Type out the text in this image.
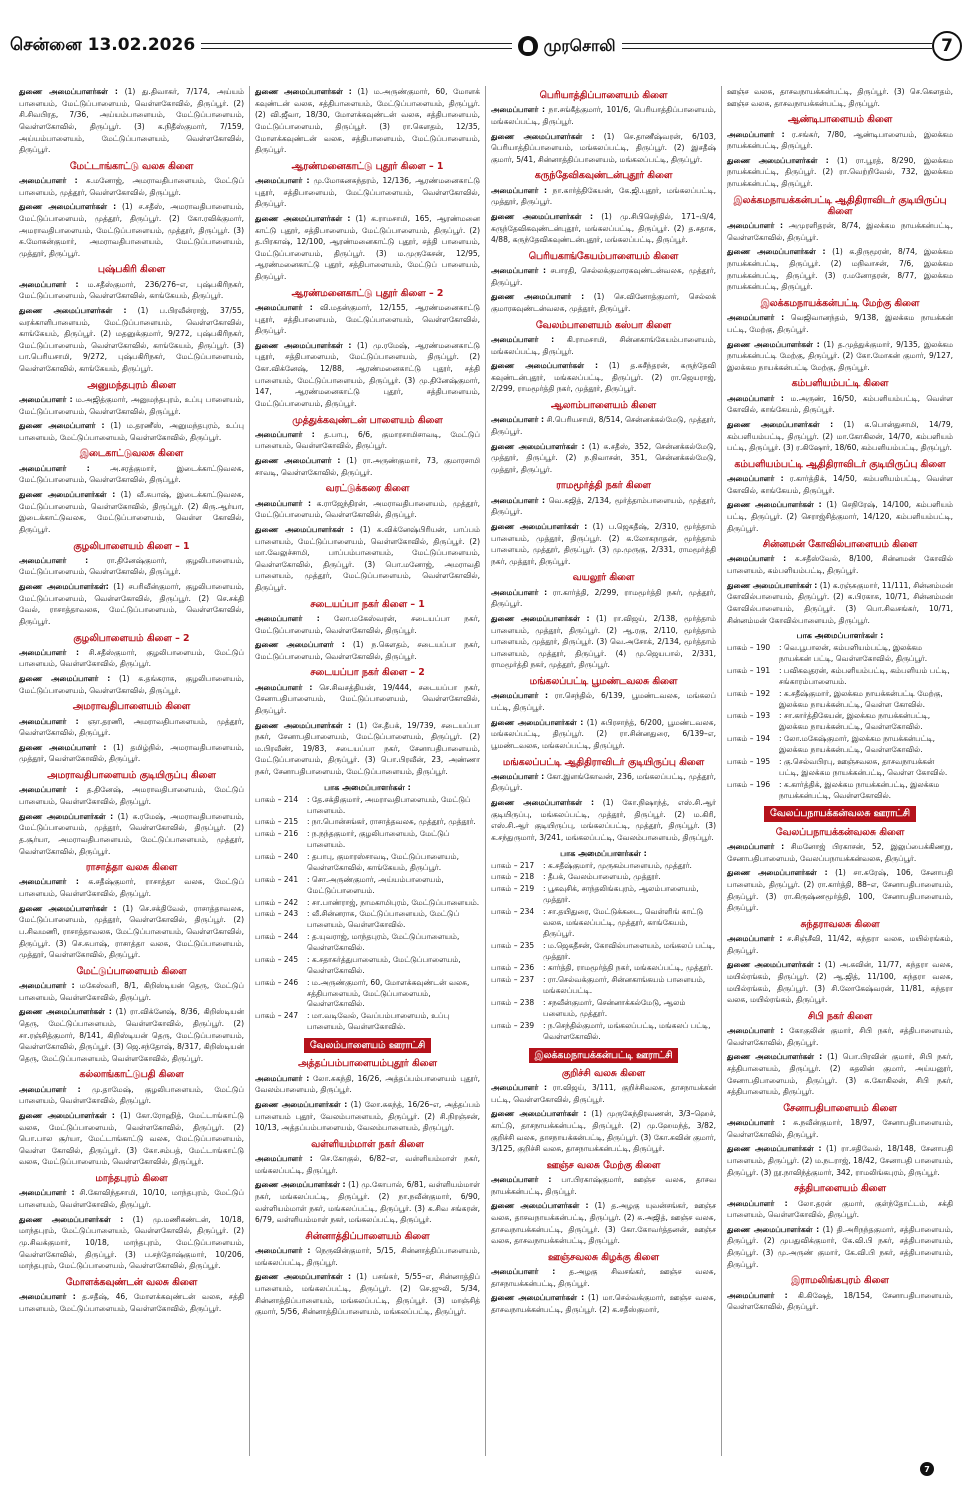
சென்னை 13.02.2026	முரசொலி	7

துணை அமைப்பாளர்கள் : (1) து.திவாகர், 7/174, அய்யம் பாளையம், மேட்டுப்பாளையம், வெள்ளகோவில், திருப்பூர். (2) சி.சிவபிரத, 7/36, அய்யம்பாளையம், மேட்டுப்பாளையம், வெள்ளகோவில், திருப்பூர். (3) க.நிதீஸ்குமார், 7/159, அய்யம்பாளையம், மேட்டுப்பாளையம், வெள்ளகோவில், திருப்பூர்.

மேட்டாங்காட்டு வலசு கிளை

அமைப்பாளர் : சு.மனோஜ், அமராவதிபாளையம், மேட்டுப் பாளையம், முத்தூர், வெள்ளகோவில், திருப்பூர்.

துணை அமைப்பாளர்கள் : (1) ச.சதீஸ், அமராவதிபாளையம், மேட்டுப்பாளையம், முத்தூர், திருப்பூர். (2) கோ.ரவிக்குமார், அமராவதிபாளையம், மேட்டுப்பாளையம், முத்தூர், திருப்பூர். (3) சு.மோகன்குமார், அமராவதிபாளையம், மேட்டுப்பாளையம், முத்தூர், திருப்பூர்.

புஷ்பகிரி கிளை

அமைப்பாளர் : ம.சதீஸ்குமார், 236/276–எ, புஷ்பகிரிநகர், மேட்டுப்பாளையம், வெள்ளகோவில், காங்கேயம், திருப்பூர்.

துணை அமைப்பாளர்கள் : (1) ப.பிரவீன்ராஜ், 37/55, வரக்காளிபாளையம், மேட்டுப்பாளையம், வெள்ளகோவில், காங்கேயம், திருப்பூர். (2) மதனுக்குமார், 9/272, புஷ்பகிரிநகர், மேட்டுப்பாளையம், வெள்ளகோவில், காங்கேயம், திருப்பூர். (3) பா.பெரியசாமி, 9/272, புஷ்பகிரிநகர், மேட்டுப்பாளையம், வெள்ளகோவில், காங்கேயம், திருப்பூர்.

அனுமந்தபுரம் கிளை

அமைப்பாளர் : ம.அஜித்குமார், அனுமந்தபுரம், உப்பு பாளையம், மேட்டுப்பாளையம், வெள்ளகோவில், திருப்பூர்.

துணை அமைப்பாளர் : (1) ம.தரணீஸ், அனுமந்தபுரம், உப்பு பாளையம், மேட்டுப்பாளையம், வெள்ளகோவில், திருப்பூர்.

இடைகாட்டுவலசு கிளை

அமைப்பாளர் :	அ.சரத்குமார், இடைக்காட்டுவலசு, மேட்டுப்பாளையம், வெள்ளகோவில், திருப்பூர்.

துணை அமைப்பாளர்கள் : (1) வீ.சுபாஷ், இடைக்காட்டுவலசு, மேட்டுப்பாளையம், வெள்ளகோவில், திருப்பூர். (2) கிரு.ஆர்யா, இடைக்காட்டுவலசு, மேட்டுப்பாளையம், வெள்ள கோவில், திருப்பூர்.

குழலிபாளையம் கிளை – 1

அமைப்பாளர் : ரா.தினேஷ்குமார், குழலிபாளையம், மேட்டுப்பாளையம், வெள்ளகோவில், திருப்பூர்.

துணை அமைப்பாளர்கள்: (1) சபரிவீன்குமார், குழலிபாளையம், மேட்டுப்பாளையம், வெள்ளகோவில், திருப்பூர். (2) செ.சக்தி வேல், ராசாத்தாவலசு, மேட்டுப்பாளையம், வெள்ளகோவில், திருப்பூர்.

குழலிபாளையம் கிளை – 2

அமைப்பாளர் : சி.சதீஸ்குமார், குழலிபாளையம், மேட்டுப் பாளையம், வெள்ளகோவில், திருப்பூர்.

துணை அமைப்பாளர் : (1) க.தங்கராசு, குழலிபாளையம், மேட்டுப்பாளையம், வெள்ளகோவில், திருப்பூர்.

அமராவதிபாளையம் கிளை

அமைப்பாளர் : ஞா.தரணி, அமராவதிபாளையம், முத்தூர், வெள்ளகோவில், திருப்பூர்.

துணை அமைப்பாளர் : (1) தமிழ்நில், அமராவதிபாளையம், முத்தூர், வெள்ளகோவில், திருப்பூர்.

அமராவதிபாளையம் குடியிருப்பு கிளை

அமைப்பாளர் : த.தினேஷ், அமராவதிபாளையம், மேட்டுப் பாளையம், வெள்ளகோவில், திருப்பூர்.

துணை அமைப்பாளர்கள் : (1) சு.ரமேஷ், அமராவதிபாளையம், மேட்டுப்பாளையம், முத்தூர், வெள்ளகோவில், திருப்பூர். (2) த.சூர்யா, அமராவதிபாளையம், மேட்டுப்பாளையம், முத்தூர், வெள்ளகோவில், திருப்பூர்.

ராசாத்தா வலசு கிளை

அமைப்பாளர் : க.சதீஷ்குமார், ராசாத்தா வலசு, மேட்டுப் பாளையம், வெள்ளகோவில், திருப்பூர்.

துணை அமைப்பாளர்கள் : (1) செ.சக்திவேல், ராசாத்தாவலசு, மேட்டுப்பாளையம், முத்தூர், வெள்ளகோவில், திருப்பூர். (2) ப.சிவமணி, ராசாத்தாவலசு, மேட்டுப்பாளையம், வெள்ளகோவில், திருப்பூர். (3) செ.சுபாஷ், ராசாத்தா வலசு, மேட்டுப்பாளையம், முத்தூர், வெள்ளகோவில், திருப்பூர்.

மேட்டுப்பாளையம் கிளை

அமைப்பாளர் : மகேஸ்வரி, 8/1, கிறிஸ்டியன் தெரு, மேட்டுப் பாளையம், வெள்ளகோவில், திருப்பூர்.

துணை அமைப்பாளர்கள் : (1) ரா.விக்னேஷ், 8/36, கிறிஸ்டியன் தெரு, மேட்டுப்பாளையம், வெள்ளகோவில், திருப்பூர். (2) சா.ரஞ்சித்குமார், 8/141, கிறிஸ்டியன் தெரு, மேட்டுப்பாளையம், வெள்ளகோவில், திருப்பூர். (3) ஜெ.சந்தோஷ், 8/317, கிறிஸ்டியன் தெரு, மேட்டுப்பாளையம், வெள்ளகோவில், திருப்பூர்.

கல்லாங்காட்டுபதி கிளை

அமைப்பாளர் : மு.தாமேஷ், குழலிபாளையம், மேட்டுப் பாளையம், வெள்ளகோவில், திருப்பூர்.

துணை அமைப்பாளர்கள் : (1) கோ.ரோஹித், மேட்டாங்காட்டு வலசு, மேட்டுப்பாளையம், வெள்ளகோவில், திருப்பூர். (2) பொ.பால சூர்யா, மேட்டாங்காட்டு வலசு, மேட்டுப்பாளையம், வெள்ள கோவில், திருப்பூர். (3) கோ.சம்பத், மேட்டாங்காட்டு வலசு, மேட்டுப்பாளையம், வெள்ளகோவில், திருப்பூர்.

மாந்தபுரம் கிளை

அமைப்பாளர் : சி.கோவிந்தசாமி, 10/10, மாந்தபுரம், மேட்டுப் பாளையம், வெள்ளகோவில், திருப்பூர்.

துணை அமைப்பாளர்கள் : (1) மு.மணிகண்டன், 10/18, மாந்தபுரம், மேட்டுப்பாளையம், வெள்ளகோவில், திருப்பூர். (2) மு.சிவக்குமார், 10/18, மாந்தபுரம், மேட்டுப்பாளையம், வெள்ளகோவில், திருப்பூர். (3) ப.சந்தோஷ்குமார், 10/206, மாந்தபுரம், மேட்டுப்பாளையம், வெள்ளகோவில், திருப்பூர்.

மோளக்கவுண்டன் வலசு கிளை

அமைப்பாளர் : த.சதீஷ், 46, மோளக்கவுண்டன் வலசு, சத்தி பாளையம், மேட்டுப்பாளையம், வெள்ளகோவில், திருப்பூர்.

துணை அமைப்பாளர்கள் : (1) ம.அருண்குமார், 60, மோளக் கவுண்டன் வலசு, சத்திபாளையம், மேட்டுப்பாளையம், திருப்பூர். (2) வி.ஜீவா, 18/30, மோளக்கவுண்டன் வலசு, சத்திபாளையம், மேட்டுப்பாளையம், திருப்பூர். (3) ரா.கௌதம், 12/35, மோளக்கவுண்டன் வலசு, சத்திபாளையம், மேட்டுப்பாளையம், திருப்பூர்.

ஆரண்மனைகாட்டு புதூர் கிளை – 1

அமைப்பாளர் : மு.மோகனசுந்தரம், 12/136, ஆரண்மனைகாட்டு புதூர், சத்திபாளையம், மேட்டுப்பாளையம், வெள்ளகோவில், திருப்பூர்.

துணை அமைப்பாளர்கள் : (1) க.ராமசாமி, 165, ஆரண்மனை காட்டு புதூர், சத்திபாளையம், மேட்டுப்பாளையம், திருப்பூர். (2) த.பிரகாஷ், 12/100, ஆரண்மனைகாட்டு புதூர், சத்தி பாளையம், மேட்டுப்பாளையம், திருப்பூர். (3) ம.முருகேசன், 12/95, ஆரண்மனைகாட்டு புதூர், சத்திபாளையம், மேட்டுப் பாளையம், திருப்பூர்.

ஆரண்மனைகாட்டு புதூர் கிளை – 2

அமைப்பாளர் : வி.மதன்குமார், 12/155, ஆரண்மனைகாட்டு புதூர், சத்திபாளையம், மேட்டுப்பாளையம், வெள்ளகோவில், திருப்பூர்.

துணை அமைப்பாளர்கள் : (1) மு.ரமேஷ், ஆரண்மனைகாட்டு புதூர், சத்திபாளையம், மேட்டுப்பாளையம், திருப்பூர். (2) கோ.விக்னேஷ், 12/88, ஆரண்மனைகாட்டு புதூர், சத்தி பாளையம், மேட்டுப்பாளையம், திருப்பூர். (3) மு.தினேஷ்குமார், 147, ஆரண்மனைகாட்டு புதூர், சத்திபாளையம், மேட்டுப்பாளையம், திருப்பூர்.

முத்துக்கவுண்டன் பாளையம் கிளை

அமைப்பாளர் : த.பாபு, 6/6, குமாரசாமிசாவடி, மேட்டுப் பாளையம், வெள்ளகோவில், திருப்பூர்.

துணை அமைப்பாளர் : (1) ரா.அருண்குமார், 73, குமாரசாமி சாவடி, வெள்ளகோவில், திருப்பூர்.

வரட்டுக்கரை கிளை

அமைப்பாளர் : க.ராஜேந்திரன், அமராவதிபாளையம், முத்தூர், மேட்டுப்பாளையம், வெள்ளகோவில், திருப்பூர்.

துணை அமைப்பாளர்கள் : (1) சு.விக்னேஷ்பிரியன், பாப்பம் பாளையம், மேட்டுப்பாளையம், வெள்ளகோவில், திருப்பூர். (2) மா.வேலுச்சாமி, பாப்பம்பாளையம், மேட்டுப்பாளையம், வெள்ளகோவில், திருப்பூர். (3) பொ.மனோஜ், அமராவதி பாளையம், முத்தூர், மேட்டுப்பாளையம், வெள்ளகோவில், திருப்பூர்.

சடையப்பா நகர் கிளை – 1

அமைப்பாளர் : லோ.மகேஸ்வரன், சடையப்பா நகர், மேட்டுப்பாளையம், வெள்ளகோவில், திருப்பூர்.

துணை அமைப்பாளர் : (1) ந.கௌதம், சடையப்பா நகர், மேட்டுப்பாளையம், வெள்ளகோவில், திருப்பூர்.

சடையப்பா நகர் கிளை – 2

அமைப்பாளர் : செ.சிவசத்தியன், 19/444, சடையப்பா நகர், சேனாபதிபாளையம், மேட்டுப்பாளையம், வெள்ளகோவில், திருப்பூர்.

துணை அமைப்பாளர்கள் : (1) சே.தீபக், 19/739, சடையப்பா நகர், சேனாபதிபாளையம், மேட்டுப்பாளையம், திருப்பூர். (2) ம.பிரவீண், 19/83, சடையப்பா நகர், சேனாபதிபாளையம், மேட்டுப்பாளையம், திருப்பூர். (3) பொ.பிரவீன், 23, அண்ணா நகர், சேனாபதிபாளையம், மேட்டுப்பாளையம், திருப்பூர்.

பாக அமைப்பாளர்கள் :
பாகம் – 214	: தே.சக்திகுமார், அமராவதிபாளையம், மேட்டுப் பாளையம்.
பாகம் – 215	: நா.பொன்சங்கர், ராசாத்தவலசு, முத்தூர், முத்தூர்.
பாகம் – 216	: ந.நந்தகுமார், குழலிபாளையம், மேட்டுப் பாளையம்.
பாகம் – 240	: தபாபு, குமாரஸ்சாவடி, மேட்டுப்பாளையம், வெள்ளகோவில், காங்கேயம், திருப்பூர்.
பாகம் – 241	: சொ.அருண்குமார், அய்யம்பாளையம், மேட்டுப்பாளையம்.
பாகம் – 242	: சா.பாண்ராஜ், நாமகாமிபுரம், மேட்டுப்பாளையம்.
பாகம் – 243	: வீ.சின்னராசு, மேட்டுப்பாளையம், மேட்டுப் பாளையம், வெள்ளகோவில்.
பாகம் – 244	: த.யுவராஜ், மாந்தபுரம், மேட்டுப்பாளையம், வெள்ளகோவில்.
பாகம் – 245	: க.சதாசுர்த்துபாளையம், மேட்டுப்பாளையம், வெள்ளகோவில்.
பாகம் – 246	: ம.அருண்குமார், 60, மோளக்கவுண்டன் வலசு, சத்திபாளையம், மேட்டுப்பாளையம், வெள்ளகோவில்.
பாகம் – 247	: மா.வடிவேல், வேப்பம்பாளையம், உப்பு பாளையம், வெள்ளகோவில்.
வேலம்பாளையம் ஊராட்சி
அத்தப்பம்பாளையம்புதூர் கிளை

அமைப்பாளர் : லோ.சுகந்தி, 16/26, அத்தப்பம்பாளையம் புதூர், வேலம்பாளையம், திருப்பூர்.

துணை அமைப்பாளர்கள் : (1) லோ.சுகந்த், 16/26–எ, அத்தப்பம் பாளையம் புதூர், வேலம்பாளையம், திருப்பூர். (2) சி.நிரஞ்சன், 10/13, அத்தப்பம்பாளையம், வேலம்பாளையம், திருப்பூர்.

வள்ளியம்மாள் நகர் கிளை

அமைப்பாளர் : செ.கோகுல், 6/82–எ, வள்ளியம்மாள் நகர், மங்கலப்பட்டி, திருப்பூர்.

துணை அமைப்பாளர்கள் : (1) மு.கோபால், 6/81, வள்ளியம்மாள் நகர், மங்கலப்பட்டி, திருப்பூர். (2) நா.நவீன்குமார், 6/90, வள்ளியம்மாள் நகர், மங்கலப்பட்டி, திருப்பூர். (3) க.சிவ சங்கரன், 6/79, வள்ளியம்மாள் நகர், மங்கலப்பட்டி, திருப்பூர்.

சின்னாத்திப்பாளையம் கிளை

அமைப்பாளர் : நெருவின்குமார், 5/15, சின்னாத்திப்பாளையம், மங்கலப்பட்டி, திருப்பூர்.

துணை அமைப்பாளர்கள் : (1) பசங்கர், 5/55–எ, சின்னாத்திப் பாளையம், மங்கலப்பட்டி, திருப்பூர். (2) செ.ஜுலி, 5/34, சின்னாத்திப்பாளையம், மங்கலப்பட்டி, திருப்பூர். (3) மாஞ்சித் குமார், 5/56, சின்னாத்திப்பாளையம், மங்கலப்பட்டி, திருப்பூர்.

பெரியாத்திப்பாளையம் கிளை

அமைப்பாளர் : நா.சங்கீத்குமார், 101/6, பெரியாத்திப்பாளையம், மங்கலப்பட்டி, திருப்பூர்.

துணை அமைப்பாளர்கள் : (1) செ.தாணீஷ்வரன், 6/103, பெரியாத்திப்பாளையம், மங்கலப்பட்டி, திருப்பூர். (2) இசதீஷ் குமார், 5/41, சின்னாத்திப்பாளையம், மங்கலப்பட்டி, திருப்பூர்.

கருந்தேவிகவுண்டன்புதூர் கிளை

அமைப்பாளர் : நா.கார்த்திகேயன், கே.ஜி.புதூர், மங்கலப்பட்டி, முத்தூர், திருப்பூர்.

துணை அமைப்பாளர்கள் : (1) மு.சிபிசெந்தில், 171–பி/4, கருந்தேவிகவுண்டன்புதூர், மங்கலப்பட்டி, திருப்பூர். (2) த.சதாசு, 4/88, கருந்தேவிகவுண்டன்புதூர், மங்கலப்பட்டி, திருப்பூர்.

பெரியகாங்கேயம்பாளையம் கிளை

அமைப்பாளர் : சபாரதி, செல்லக்குமாரகவுண்டன்வலசு, முத்தூர், திருப்பூர்.

துணை அமைப்பாளர் : (1) செ.வினோத்குமார், செல்லக் குமாரகவுண்டன்வலசு, முத்தூர், திருப்பூர்.

வேலம்பாளையம் கஸ்பா கிளை

அமைப்பாளர் : கி.ராமசாமி, சின்னகாங்கேயம்பாளையம், மங்கலப்பட்டி, திருப்பூர்.

துணை அமைப்பாளர்கள் : (1) த.சுசீந்தரன், கருந்தேவி கவுண்டன்புதூர், மங்கலப்பட்டி, திருப்பூர். (2) ரா.ஜெயராஜ், 2/299, ராமமூர்த்தி நகர், முத்தூர், திருப்பூர்.

ஆலாம்பாளையம் கிளை

அமைப்பாளர் : சி.பெரியசாமி, 8/514, சென்னக்கல்மேடு, முத்தூர், திருப்பூர்.

துணை அமைப்பாளர்கள் : (1) சு.சதீஸ், 352, சென்னக்கல்மேடு, முத்தூர், திருப்பூர். (2) ந.நிவாசன், 351, சென்னக்கல்மேடு, முத்தூர், திருப்பூர்.

ராமமூர்த்தி நகர் கிளை

அமைப்பாளர் : வெ.சுஜித், 2/134, மூர்த்தாம்பாளையம், முத்தூர், திருப்பூர்.

துணை அமைப்பாளர்கள் : (1) ப.ஜெகதீஷ், 2/310, மூர்த்தாம் பாளையம், முத்தூர், திருப்பூர். (2) க.லோகநாதன், மூர்த்தாம் பாளையம், முத்தூர், திருப்பூர். (3) மு.முருகு, 2/331, ராமமூர்த்தி நகர், முத்தூர், திருப்பூர்.

வயலூர் கிளை

அமைப்பாளர் : ரா.கார்த்தி, 2/299, ராமமூர்த்தி நகர், முத்தூர், திருப்பூர்.

துணை அமைப்பாளர்கள் : (1) ரா.விஜய், 2/138, மூர்த்தாம் பாளையம், முத்தூர், திருப்பூர். (2) ஆ.ரகு, 2/110, மூர்த்தாம் பாளையம், முத்தூர், திருப்பூர். (3) வெ.அசோக், 2/134, மூர்த்தாம் பாளையம், முத்தூர், திருப்பூர். (4) மு.ஜெயபால், 2/331, ராமமூர்த்தி நகர், முத்தூர், திருப்பூர்.

மங்கலப்பட்டி பூமண்டவலசு கிளை

அமைப்பாளர் : ரா.செந்தில், 6/139, பூமண்டவலசு, மங்கலப் பட்டி, திருப்பூர்.

துணை அமைப்பாளர்கள் : (1) சுபிரசாந்த், 6/200, பூமண்டவலசு, மங்கலப்பட்டி, திருப்பூர். (2) ரா.சின்னதுரை, 6/139–எ, பூமண்டவலசு, மங்கலப்பட்டி, திருப்பூர்.

மங்கலப்பட்டி ஆதிதிராவிடர் குடியிருப்பு கிளை

அமைப்பாளர் : கோ.இளங்கோவன், 236, மங்கலப்பட்டி, முத்தூர், திருப்பூர்.

துணை அமைப்பாளர்கள் : (1) கோ.நிஷாந்த், எஸ்.சி.ஆர் குடியிருப்பு, மங்கலப்பட்டி, முத்தூர், திருப்பூர். (2) ம.கிரி, எஸ்.சி.ஆர் குடியிருப்பு, மங்கலப்பட்டி, முத்தூர், திருப்பூர். (3) க.சந்துருமார், 3/241, மங்கலப்பட்டி, வேலம்பாளையம், திருப்பூர்.

பாக அமைப்பாளர்கள் :
பாகம் – 217	: க.சதீஷ்குமார், முருகம்பாளையம், முத்தூர்.
பாகம் – 218	: தீபக், வேலம்பாளையம், முத்தூர்.
பாகம் – 219	: பூகவுசிக், சாந்தலிங்கபுரம், ஆலம்பாளையம், முத்தூர்.
பாகம் – 234	: சா.தயிதுரை, மேட்டுக்கடை, வெள்ளிங் காட்டு வலசு, மங்கலப்பட்டி, முத்தூர், காங்கேயம், திருப்பூர்.
பாகம் – 235	: ம.ஜெகதீசன், கோவில்பாளையம், மங்கலப் பட்டி, முத்தூர்.
பாகம் – 236	: கார்த்தி, ராமமூர்த்தி நகர், மங்கலப்பட்டி, முத்தூர்.
பாகம் – 237	: ரா.செல்வக்குமார், சின்னகாங்கயம் பாளையம், மங்கலப்பட்டி.
பாகம் – 238	: சநவீன்குமார், சென்னாக்கல்மேடு, ஆலம் பளையம், முத்தூர்.
பாகம் – 239	: ந.செந்தில்குமார், மங்கலப்பட்டி, மங்கலப் பட்டி, வெள்ளகோவில்.
இலக்கமநாயக்கன்பட்டி ஊராட்சி
குறிச்சி வலசு கிளை

அமைப்பாளர் : ரா.விஜய், 3/111, குறிச்சிவலசு, தாசநாயக்கன் பட்டி, வெள்ளகோவில், திருப்பூர்.

துணை அமைப்பாளர்கள் : (1) முருகேந்திரவணன், 3/3–ஹெச், காட்டு, தாசநாயக்கன்பட்டி, திருப்பூர். (2) மு.ஹேமந்த், 3/82, குறிச்சி வலசு, தாசநாயக்கன்பட்டி, திருப்பூர். (3) கோ.சுவின் குமார், 3/125, குறிச்சி வலசு, தாசநாயக்கன்பட்டி, திருப்பூர்.

ஊஞ்ச வலசு மேற்கு கிளை

அமைப்பாளர் : பா.பிரகாஷ்குமார், ஊஞ்ச வலசு, தாசவ நாயக்கன்பட்டி, திருப்பூர்.

துணை அமைப்பாளர்கள் : (1) த.அழகு யுவன்சங்கர், ஊஞ்ச வலசு, தாசவநாயக்கன்பட்டி, திருப்பூர். (2) சு.அஜித், ஊஞ்ச வலசு, தாசவநாயக்கன்பட்டி, திருப்பூர். (3) கோ.கோவர்த்தனன், ஊஞ்ச வலசு, தாசவநாயக்கன்பட்டி, திருப்பூர்.

ஊஞ்சவலசு கிழக்கு கிளை

அமைப்பாளர் : த.அழகு சிவசங்கர், ஊஞ்ச வலசு, தாசநாயக்கன்பட்டி, திருப்பூர்.

துணை அமைப்பாளர்கள் : (1) மா.செல்வக்குமார், ஊஞ்ச வலசு, தாசவநாயக்கன்பட்டி, திருப்பூர். (2) க.சதீஸ்குமார்,

ஊஞ்ச வலசு, தாசவநாயக்கன்பட்டி, திருப்பூர். (3) செ.கௌதம், ஊஞ்ச வலசு, தாசவநாயக்கன்பட்டி, திருப்பூர்.

ஆண்டிபாளையம் கிளை

அமைப்பாளர் : ர.சங்கர், 7/80, ஆண்டிபாளையம், இலக்கம நாயக்கன்பட்டி, திருப்பூர்.

துணை அமைப்பாளர்கள் : (1) ரா.பூரத், 8/290, இலக்கம நாயக்கன்பட்டி, திருப்பூர். (2) ரா.வெற்றிவேல், 732, இலக்கம நாயக்கன்பட்டி, திருப்பூர்.

இலக்கமநாயக்கன்பட்டி ஆதிதிராவிடர் குடியிருப்பு கிளை

அமைப்பாளர் : அமுரளிதரன், 8/74, இலக்கம நாயக்கன்பட்டி, வெள்ளகோவில், திருப்பூர்.

துணை அமைப்பாளர்கள் : (1) க.திருமூரன், 8/74, இலக்கம நாயக்கன்பட்டி, திருப்பூர். (2) மநிவாசன், 7/6, இலக்கம நாயக்கன்பட்டி, திருப்பூர். (3) ர.மனோதரன், 8/77, இலக்கம நாயக்கன்பட்டி, திருப்பூர்.

இலக்கமநாயக்கன்பட்டி மேற்கு கிளை

அமைப்பாளர் : வெஜிவானந்தம், 9/138, இலக்கம நாயக்கன் பட்டி, மேற்கு, திருப்பூர்.

துணை அமைப்பாளர்கள் : (1) த.முத்துக்குமார், 9/135, இலக்கம நாயக்கன்பட்டி மேற்கு, திருப்பூர். (2) கோ.மோகன் குமார், 9/127, இலக்கம நாயக்கன்பட்டி மேற்கு, திருப்பூர்.

கம்பளியம்பட்டி கிளை

அமைப்பாளர் : ம.அருண், 16/50, கம்பளியம்பட்டி, வெள்ள கோவில், காங்கேயம், திருப்பூர்.

துணை அமைப்பாளர்கள் : (1) க.பொன்துசாமி, 14/79, கம்பளியம்பட்டி, திருப்பூர். (2) மா.கோகிலன், 14/70, கம்பளியம் பட்டி, திருப்பூர். (3) ர.கிஷோர், 18/60, கம்பளியம்பட்டி, திருப்பூர்.

கம்பளியம்பட்டி ஆதிதிராவிடர் குடியிருப்பு கிளை

அமைப்பாளர் : ர.கார்த்திக், 14/50, கம்பளியம்பட்டி, வெள்ள கோவில், காங்கேயம், திருப்பூர்.

துணை அமைப்பாளர்கள் : (1) செநிரேஷ், 14/100, கம்பளியம் பட்டி, திருப்பூர். (2) செராஜ்சித்குமார், 14/120, கம்பளியம்பட்டி, திருப்பூர்.

சின்னமன் கோவில்பாளையம் கிளை

அமைப்பாளர் : சு.சதீஸ்வேல், 8/100, சின்னமன் கோவில் பாளையம், கம்பளியம்பட்டி, திருப்பூர்.

துணை அமைப்பாளர்கள் : (1) க.ரஞ்சுகுமார், 11/111, சின்னம்மன் கோவில்பாளையம், திருப்பூர். (2) க.பிரகாசு, 10/71, சின்னம்மன் கோவில்பாளையம், திருப்பூர். (3) பொ.சிவசங்கர், 10/71, சின்னம்மன் கோவில்பாளையம், திருப்பூர்.

பாக அமைப்பாளர்கள் :
பாகம் – 190	: வெ.பூபாலன், கம்பளியம்பட்டி, இலக்கம நாயக்கன் பட்டி, வெள்ளகோவில், திருப்பூர்.
பாகம் – 191	: பவிகவுதரன், கம்பளியம்பட்டி, கம்பளியம் பட்டி, சங்காரம்பாளையம்.
பாகம் – 192	: க.சதீஷ்குமார், இலக்கம நாயக்கன்பட்டி மேற்கு, இலக்கம நாயக்கன்பட்டி, வெள்ள கோவில்.
பாகம் – 193	: சா.கார்த்திகேயன், இலக்கம நாயக்கன்பட்டி, இலக்கம நாயக்கன்பட்டி, வெள்ளகோவில்.
பாகம் – 194	: லோ.மகேஷ்குமார், இலக்கம நாயக்கன்பட்டி, இலக்கம நாயக்கன்பட்டி, வெள்ளகோவில்.
பாகம் – 195	: கு.செல்வபிரபு, ஊஞ்சவலசு, தாசவநாயக்கன் பட்டி, இலக்கம நாயக்கன்பட்டி, வெள்ள கோவில்.
பாகம் – 196	: க.கார்த்திக், இலக்கம நாயக்கன்பட்டி, இலக்கம நாயக்கன்பட்டி, வெள்ளகோவில்.
வேலப்பநாயக்கன்வலசு ஊராட்சி
வேலப்பநாயக்கன்வலசு கிளை

அமைப்பாளர் : சிமனோஜ் பிரகாசன், 52, இலுப்பைக்கிணறு, சேனாபதிபாளையம், வேலப்பநாயக்கன்வலசு, திருப்பூர்.

துணை அமைப்பாளர்கள் : (1) சா.சுரேஷ், 106, சேனாபதி பாளையம், திருப்பூர். (2) ரா.கார்த்தி, 88–எ, சேனாபதிபாளையம், திருப்பூர். (3) ரா.கிருஷ்ணமூர்த்தி, 100, சேனாபதிபாளையம், திருப்பூர்.

சுந்தராவலசு கிளை

அமைப்பாளர் : ச.சிஞ்சீவி, 11/42, சுந்தரா வலசு, மயில்ரங்கம், திருப்பூர்.

துணை அமைப்பாளர்கள் : (1) அ.கவின், 11/77, சுந்தரா வலசு, மயில்ரங்கம், திருப்பூர். (2) ஆ.ஜித், 11/100, சுந்தரா வலசு, மயில்ரங்கம், திருப்பூர். (3) சி.லோகேஷ்வரன், 11/81, சுந்தரா வலசு, மயில்ரங்கம், திருப்பூர்.

சிபி நகர் கிளை

அமைப்பாளர் : கோகுலின் குமார், சிபி நகர், சத்திபாளையம், வெள்ளகோவில், திருப்பூர்.

துணை அமைப்பாளர்கள் : (1) பொ.பிரவின் குமார், சிபி நகர், சத்திபாளையம், திருப்பூர். (2) சுதலின் குமார், அய்யனூர், சேனாபதிபாளையம், திருப்பூர். (3) சு.கோகிலன், சிபி நகர், சத்திபாளையம், திருப்பூர்.

சேனாபதிபாளையம் கிளை

அமைப்பாளர் : சு.நவீன்குமார், 18/97, சேனாபதிபாளையம், வெள்ளகோவில், திருப்பூர்.

துணை அமைப்பாளர்கள் : (1) ரா.சதிவேல், 18/148, சேனாபதி பாளையம், திருப்பூர். (2) ம.நடராஜ், 18/42, சேனாபதி பாளையம், திருப்பூர். (3) நூ.நாவிந்த்குமார், 342, ராமலிங்கபுரம், திருப்பூர்.

சத்திபாளையம் கிளை

அமைப்பாளர் : லோ.தரன் குமார், குள்ந்தோட்டம், சக்தி பாளையம், வெள்ளகோவில், திருப்பூர்.

துணை அமைப்பாளர்கள் : (1) தி.அரிநந்தகுமார், சத்திபாளையம், திருப்பூர். (2) முபதுவிக்குமார், கே.வி.பி நகர், சத்திபாளையம், திருப்பூர். (3) மு.அருண் குமார், கே.வி.பி நகர், சத்திபாளையம், திருப்பூர்.

இராமலிங்கபுரம் கிளை

அமைப்பாளர் : கி.கிஷேத், 18/154, சேனாபதிபாளையம், வெள்ளகோவில், திருப்பூர்.

7
